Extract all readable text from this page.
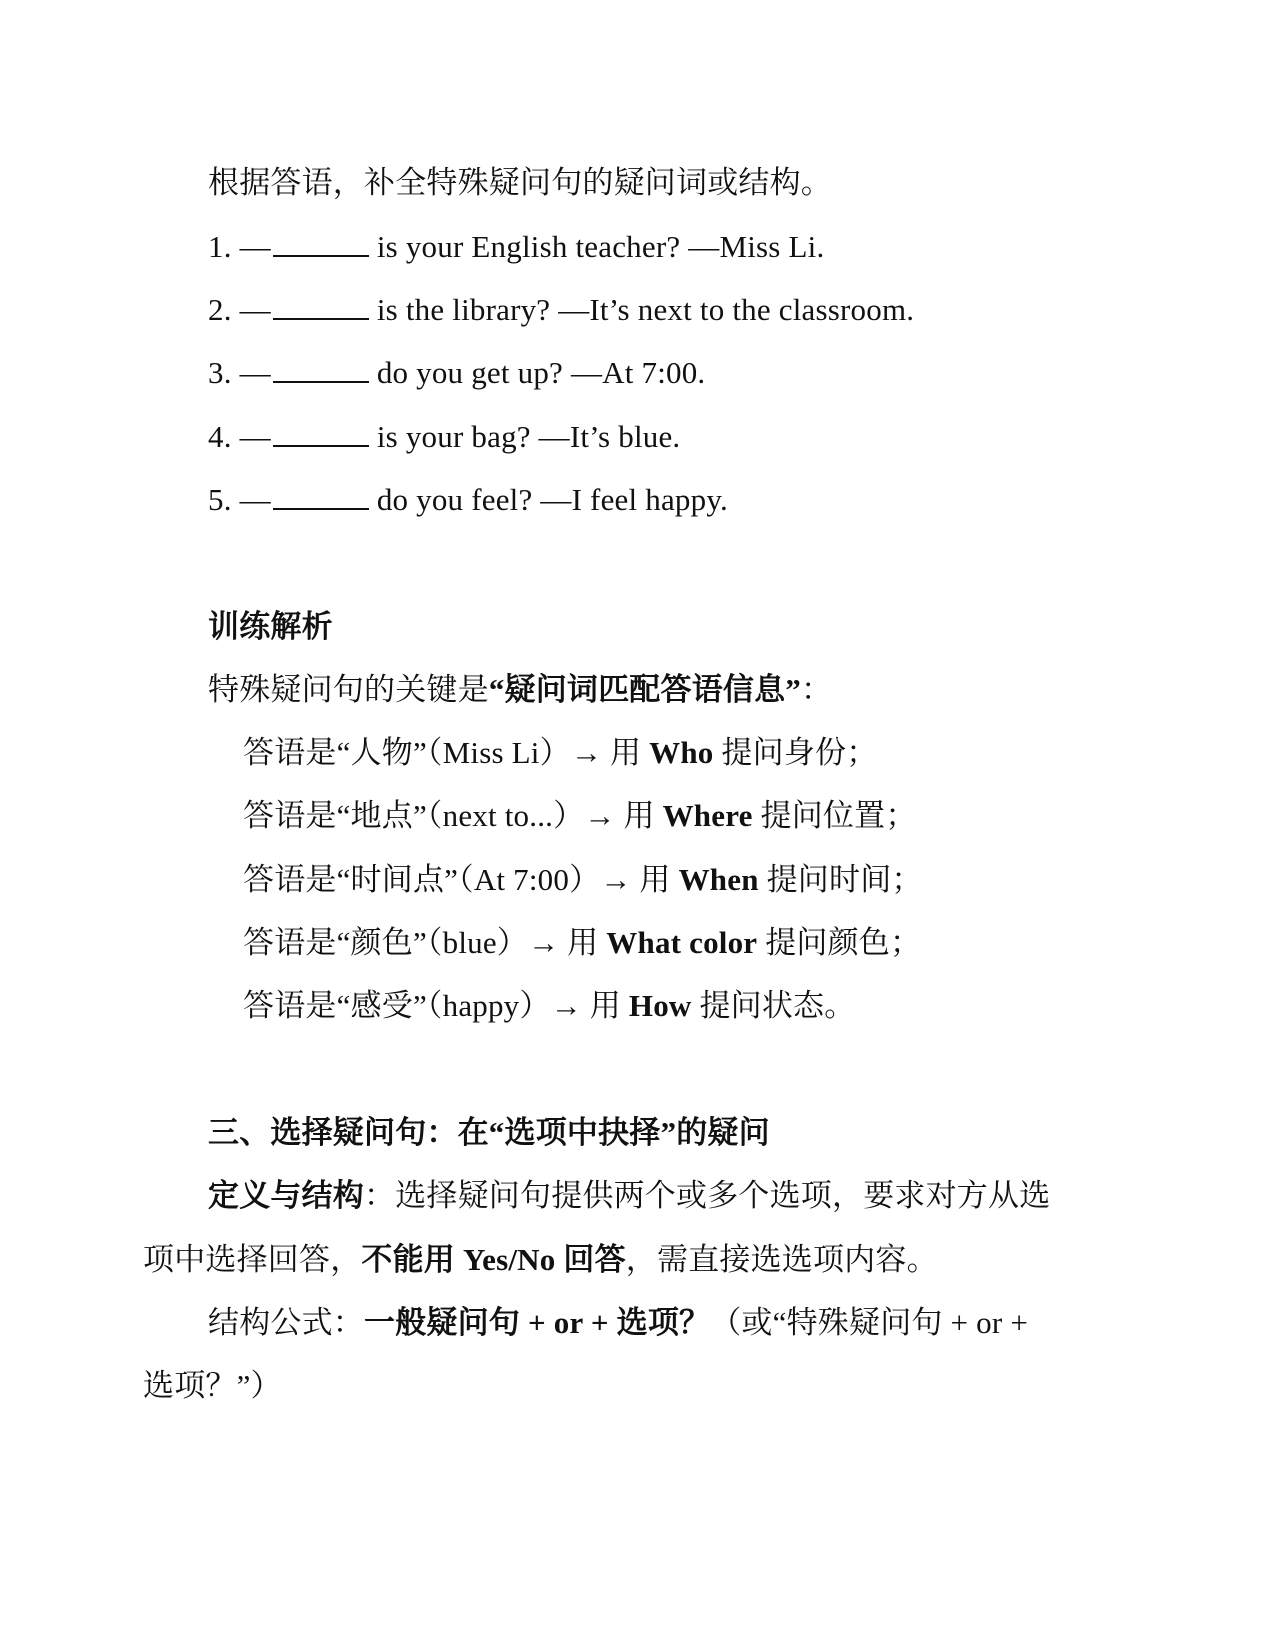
根据答语，补全特殊疑问句的疑问词或结构。
1. —	is your English teacher? —Miss Li.
2. —	is the library? —It’s next to the classroom.
3. —	do you get up? —At 7:00.
4. —	is your bag? —It’s blue.
5. —	do you feel? —I feel happy.
训练解析
特殊疑问句的关键是“疑问词匹配答语信息”：
答语是“人物”（Miss Li）→ 用 Who 提问身份；
答语是“地点”（next to...）→ 用 Where 提问位置；
答语是“时间点”（At 7:00）→ 用 When 提问时间；
答语是“颜色”（blue）→ 用 What color 提问颜色；
答语是“感受”（happy）→ 用 How 提问状态。
三、选择疑问句：在“选项中抉择”的疑问
定义与结构：选择疑问句提供两个或多个选项，要求对方从选
项中选择回答，不能用 Yes/No 回答，需直接选选项内容。
结构公式：一般疑问句 + or + 选项？（或“特殊疑问句 + or +
选项？”）
